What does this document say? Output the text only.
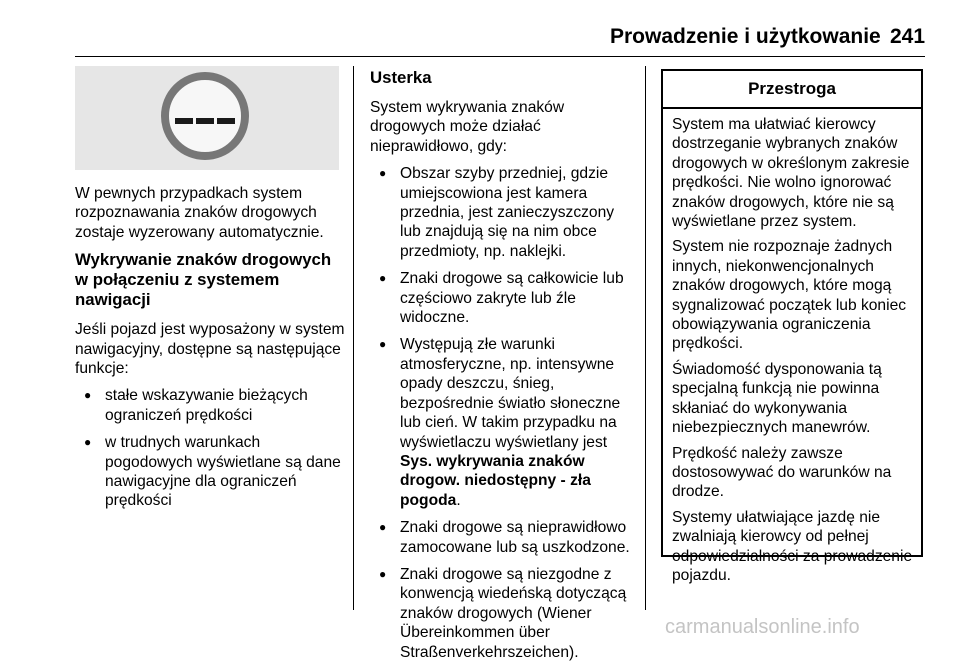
Prowadzenie i użytkowanie 241

W pewnych przypadkach system rozpoznawania znaków drogowych zostaje wyzerowany automatycznie.

Wykrywanie znaków drogowych w połączeniu z systemem nawigacji

Jeśli pojazd jest wyposażony w system nawigacyjny, dostępne są następujące funkcje:

● stałe wskazywanie bieżących ograniczeń prędkości
● w trudnych warunkach pogodowych wyświetlane są dane nawigacyjne dla ograniczeń prędkości
Usterka

System wykrywania znaków drogowych może działać nieprawidłowo, gdy:

● Obszar szyby przedniej, gdzie umiejscowiona jest kamera przednia, jest zanieczyszczony lub znajdują się na nim obce przedmioty, np. naklejki.
● Znaki drogowe są całkowicie lub częściowo zakryte lub źle widoczne.
● Występują złe warunki atmosferyczne, np. intensywne opady deszczu, śnieg, bezpośrednie światło słoneczne lub cień. W takim przypadku na wyświetlaczu wyświetlany jest Sys. wykrywania znaków drogow. niedostępny - zła pogoda.
● Znaki drogowe są nieprawidłowo zamocowane lub są uszkodzone.
● Znaki drogowe są niezgodne z konwencją wiedeńską dotyczącą znaków drogowych (Wiener Übereinkommen über Straßenverkehrszeichen).
Przestroga

System ma ułatwiać kierowcy dostrzeganie wybranych znaków drogowych w określonym zakresie prędkości. Nie wolno ignorować znaków drogowych, które nie są wyświetlane przez system.

System nie rozpoznaje żadnych innych, niekonwencjonalnych znaków drogowych, które mogą sygnalizować początek lub koniec obowiązywania ograniczenia prędkości.

Świadomość dysponowania tą specjalną funkcją nie powinna skłaniać do wykonywania niebezpiecznych manewrów.

Prędkość należy zawsze dostosowywać do warunków na drodze.

Systemy ułatwiające jazdę nie zwalniają kierowcy od pełnej odpowiedzialności za prowadzenie pojazdu.

carmanualsonline.info
